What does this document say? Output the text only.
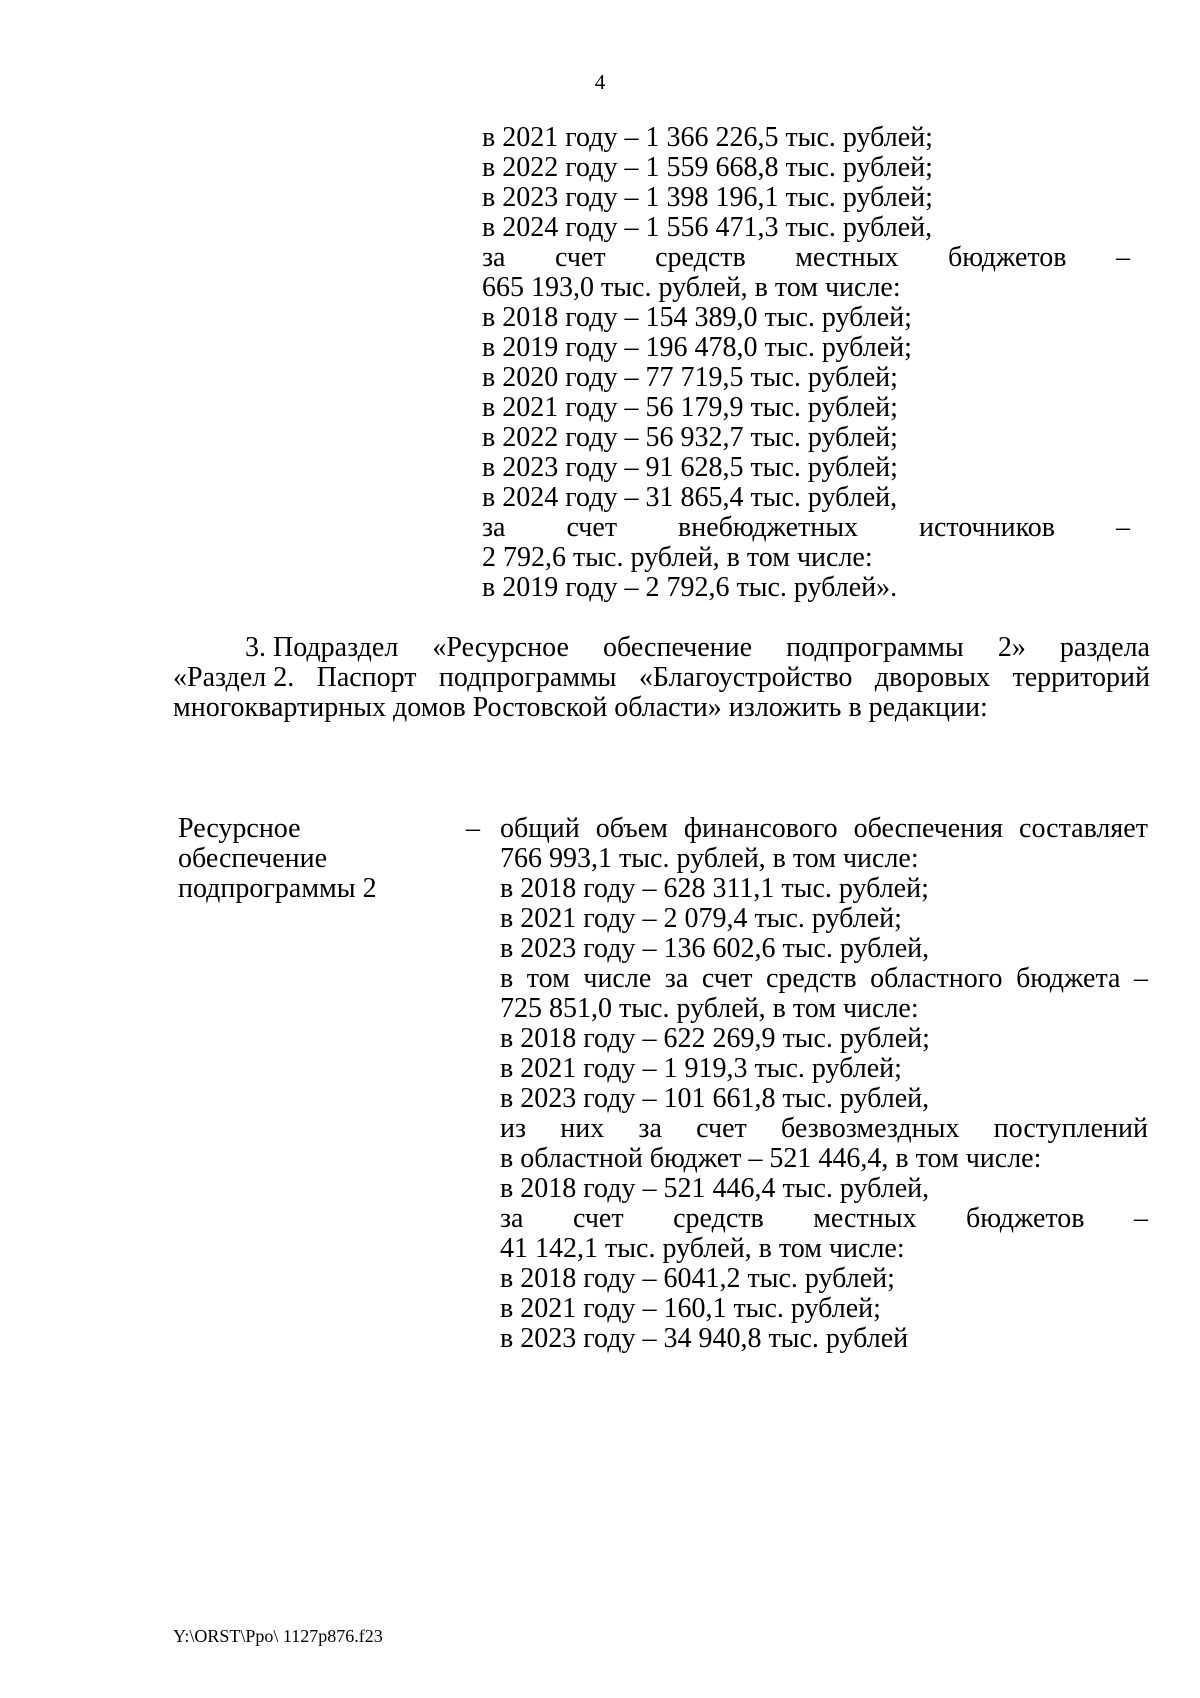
4
в 2021 году – 1 366 226,5 тыс. рублей;
в 2022 году – 1 559 668,8 тыс. рублей;
в 2023 году – 1 398 196,1 тыс. рублей;
в 2024 году – 1 556 471,3 тыс. рублей,
за счет средств местных бюджетов –
665 193,0 тыс. рублей, в том числе:
в 2018 году – 154 389,0 тыс. рублей;
в 2019 году – 196 478,0 тыс. рублей;
в 2020 году – 77 719,5 тыс. рублей;
в 2021 году – 56 179,9 тыс. рублей;
в 2022 году – 56 932,7 тыс. рублей;
в 2023 году – 91 628,5 тыс. рублей;
в 2024 году – 31 865,4 тыс. рублей,
за счет внебюджетных источников –
2 792,6 тыс. рублей, в том числе:
в 2019 году – 2 792,6 тыс. рублей».
3. Подраздел «Ресурсное обеспечение подпрограммы 2» раздела
«Раздел 2. Паспорт подпрограммы «Благоустройство дворовых территорий
многоквартирных домов Ростовской области» изложить в редакции:
Ресурсное
обеспечение
подпрограммы 2
– общий объем финансового обеспечения составляет
766 993,1 тыс. рублей, в том числе:
в 2018 году – 628 311,1 тыс. рублей;
в 2021 году – 2 079,4 тыс. рублей;
в 2023 году – 136 602,6 тыс. рублей,
в том числе за счет средств областного бюджета –
725 851,0 тыс. рублей, в том числе:
в 2018 году – 622 269,9 тыс. рублей;
в 2021 году – 1 919,3 тыс. рублей;
в 2023 году – 101 661,8 тыс. рублей,
из них за счет безвозмездных поступлений
в областной бюджет – 521 446,4, в том числе:
в 2018 году – 521 446,4 тыс. рублей,
за счет средств местных бюджетов –
41 142,1 тыс. рублей, в том числе:
в 2018 году – 6041,2 тыс. рублей;
в 2021 году – 160,1 тыс. рублей;
в 2023 году – 34 940,8 тыс. рублей
Y:\ORST\Ppo\ 1127p876.f23
